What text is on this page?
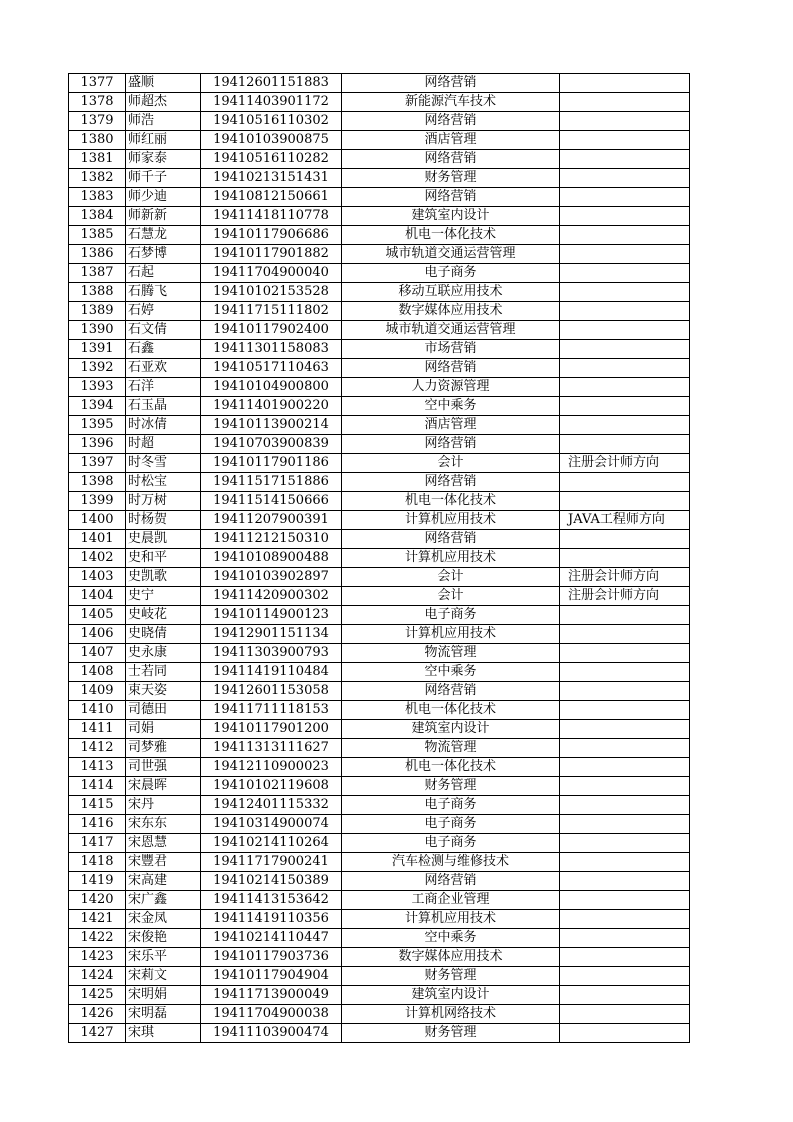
1377	盛顺	19412601151883	网络营销	
1378	师超杰	19411403901172	新能源汽车技术	
1379	师浩	19410516110302	网络营销	
1380	师红丽	19410103900875	酒店管理	
1381	师家泰	19410516110282	网络营销	
1382	师千子	19410213151431	财务管理	
1383	师少迪	19410812150661	网络营销	
1384	师新新	19411418110778	建筑室内设计	
1385	石慧龙	19410117906686	机电一体化技术	
1386	石梦博	19410117901882	城市轨道交通运营管理	
1387	石起	19411704900040	电子商务	
1388	石腾飞	19410102153528	移动互联应用技术	
1389	石婷	19411715111802	数字媒体应用技术	
1390	石文倩	19410117902400	城市轨道交通运营管理	
1391	石鑫	19411301158083	市场营销	
1392	石亚欢	19410517110463	网络营销	
1393	石洋	19410104900800	人力资源管理	
1394	石玉晶	19411401900220	空中乘务	
1395	时冰倩	19410113900214	酒店管理	
1396	时超	19410703900839	网络营销	
1397	时冬雪	19410117901186	会计	注册会计师方向
1398	时松宝	19411517151886	网络营销	
1399	时万树	19411514150666	机电一体化技术	
1400	时杨贺	19411207900391	计算机应用技术	JAVA工程师方向
1401	史晨凯	19411212150310	网络营销	
1402	史和平	19410108900488	计算机应用技术	
1403	史凯歌	19410103902897	会计	注册会计师方向
1404	史宁	19411420900302	会计	注册会计师方向
1405	史岐花	19410114900123	电子商务	
1406	史晓倩	19412901151134	计算机应用技术	
1407	史永康	19411303900793	物流管理	
1408	士若同	19411419110484	空中乘务	
1409	束天姿	19412601153058	网络营销	
1410	司德田	19411711118153	机电一体化技术	
1411	司娟	19410117901200	建筑室内设计	
1412	司梦雅	19411313111627	物流管理	
1413	司世强	19412110900023	机电一体化技术	
1414	宋晨晖	19410102119608	财务管理	
1415	宋丹	19412401115332	电子商务	
1416	宋东东	19410314900074	电子商务	
1417	宋恩慧	19410214110264	电子商务	
1418	宋豐君	19411717900241	汽车检测与维修技术	
1419	宋高建	19410214150389	网络营销	
1420	宋广鑫	19411413153642	工商企业管理	
1421	宋金凤	19411419110356	计算机应用技术	
1422	宋俊艳	19410214110447	空中乘务	
1423	宋乐平	19410117903736	数字媒体应用技术	
1424	宋莉文	19410117904904	财务管理	
1425	宋明娟	19411713900049	建筑室内设计	
1426	宋明磊	19411704900038	计算机网络技术	
1427	宋琪	19411103900474	财务管理	
